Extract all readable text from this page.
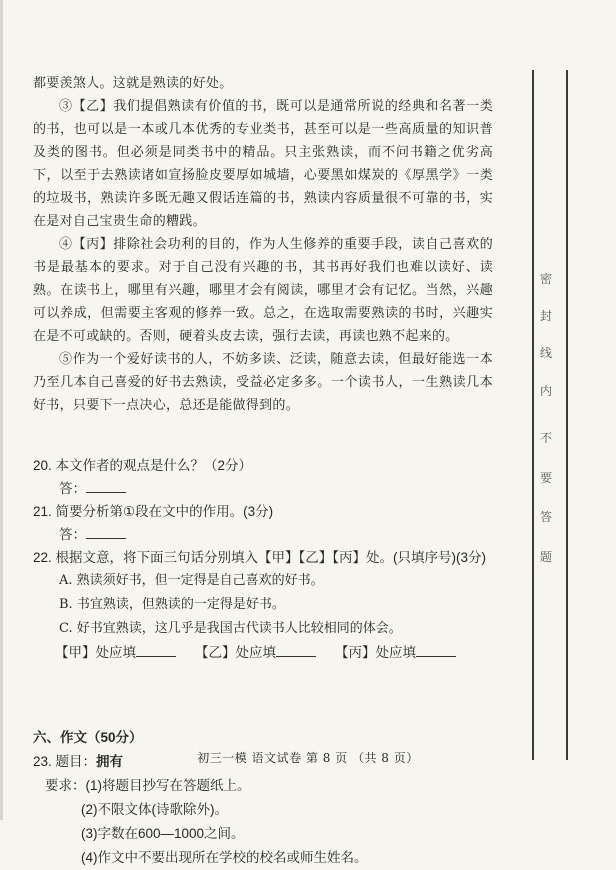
都要羡煞人。这就是熟读的好处。

③【乙】我们提倡熟读有价值的书，既可以是通常所说的经典和名著一类的书，也可以是一本或几本优秀的专业类书，甚至可以是一些高质量的知识普及类的图书。但必须是同类书中的精品。只主张熟读，而不问书籍之优劣高下，以至于去熟读诸如宣扬脸皮要厚如城墙，心要黑如煤炭的《厚黑学》一类的垃圾书，熟读许多既无趣又假话连篇的书，熟读内容质量很不可靠的书，实在是对自己宝贵生命的糟践。

④【丙】排除社会功利的目的，作为人生修养的重要手段，读自己喜欢的书是最基本的要求。对于自己没有兴趣的书，其书再好我们也难以读好、读熟。在读书上，哪里有兴趣，哪里才会有阅读，哪里才会有记忆。当然，兴趣可以养成，但需要主客观的修养一致。总之，在选取需要熟读的书时，兴趣实在是不可或缺的。否则，硬着头皮去读，强行去读，再读也熟不起来的。

⑤作为一个爱好读书的人，不妨多读、泛读，随意去读，但最好能选一本乃至几本自己喜爱的好书去熟读，受益必定多多。一个读书人，一生熟读几本好书，只要下一点决心，总还是能做得到的。

20. 本文作者的观点是什么？（2分）
答：
21. 简要分析第①段在文中的作用。(3分)
答：
22. 根据文意，将下面三句话分别填入【甲】【乙】【丙】处。(只填序号)(3分)
A. 熟读须好书，但一定得是自己喜欢的好书。
B. 书宜熟读，但熟读的一定得是好书。
C. 好书宜熟读，这几乎是我国古代读书人比较相同的体会。
【甲】处应填	【乙】处应填	【丙】处应填
六、作文（50分）
23. 题目：拥有
要求：(1)将题目抄写在答题纸上。
(2)不限文体(诗歌除外)。
(3)字数在600—1000之间。
(4)作文中不要出现所在学校的校名或师生姓名。
初三一模 语文试卷 第 8 页 （共 8 页）
密
封
线
内
不
要
答
题
